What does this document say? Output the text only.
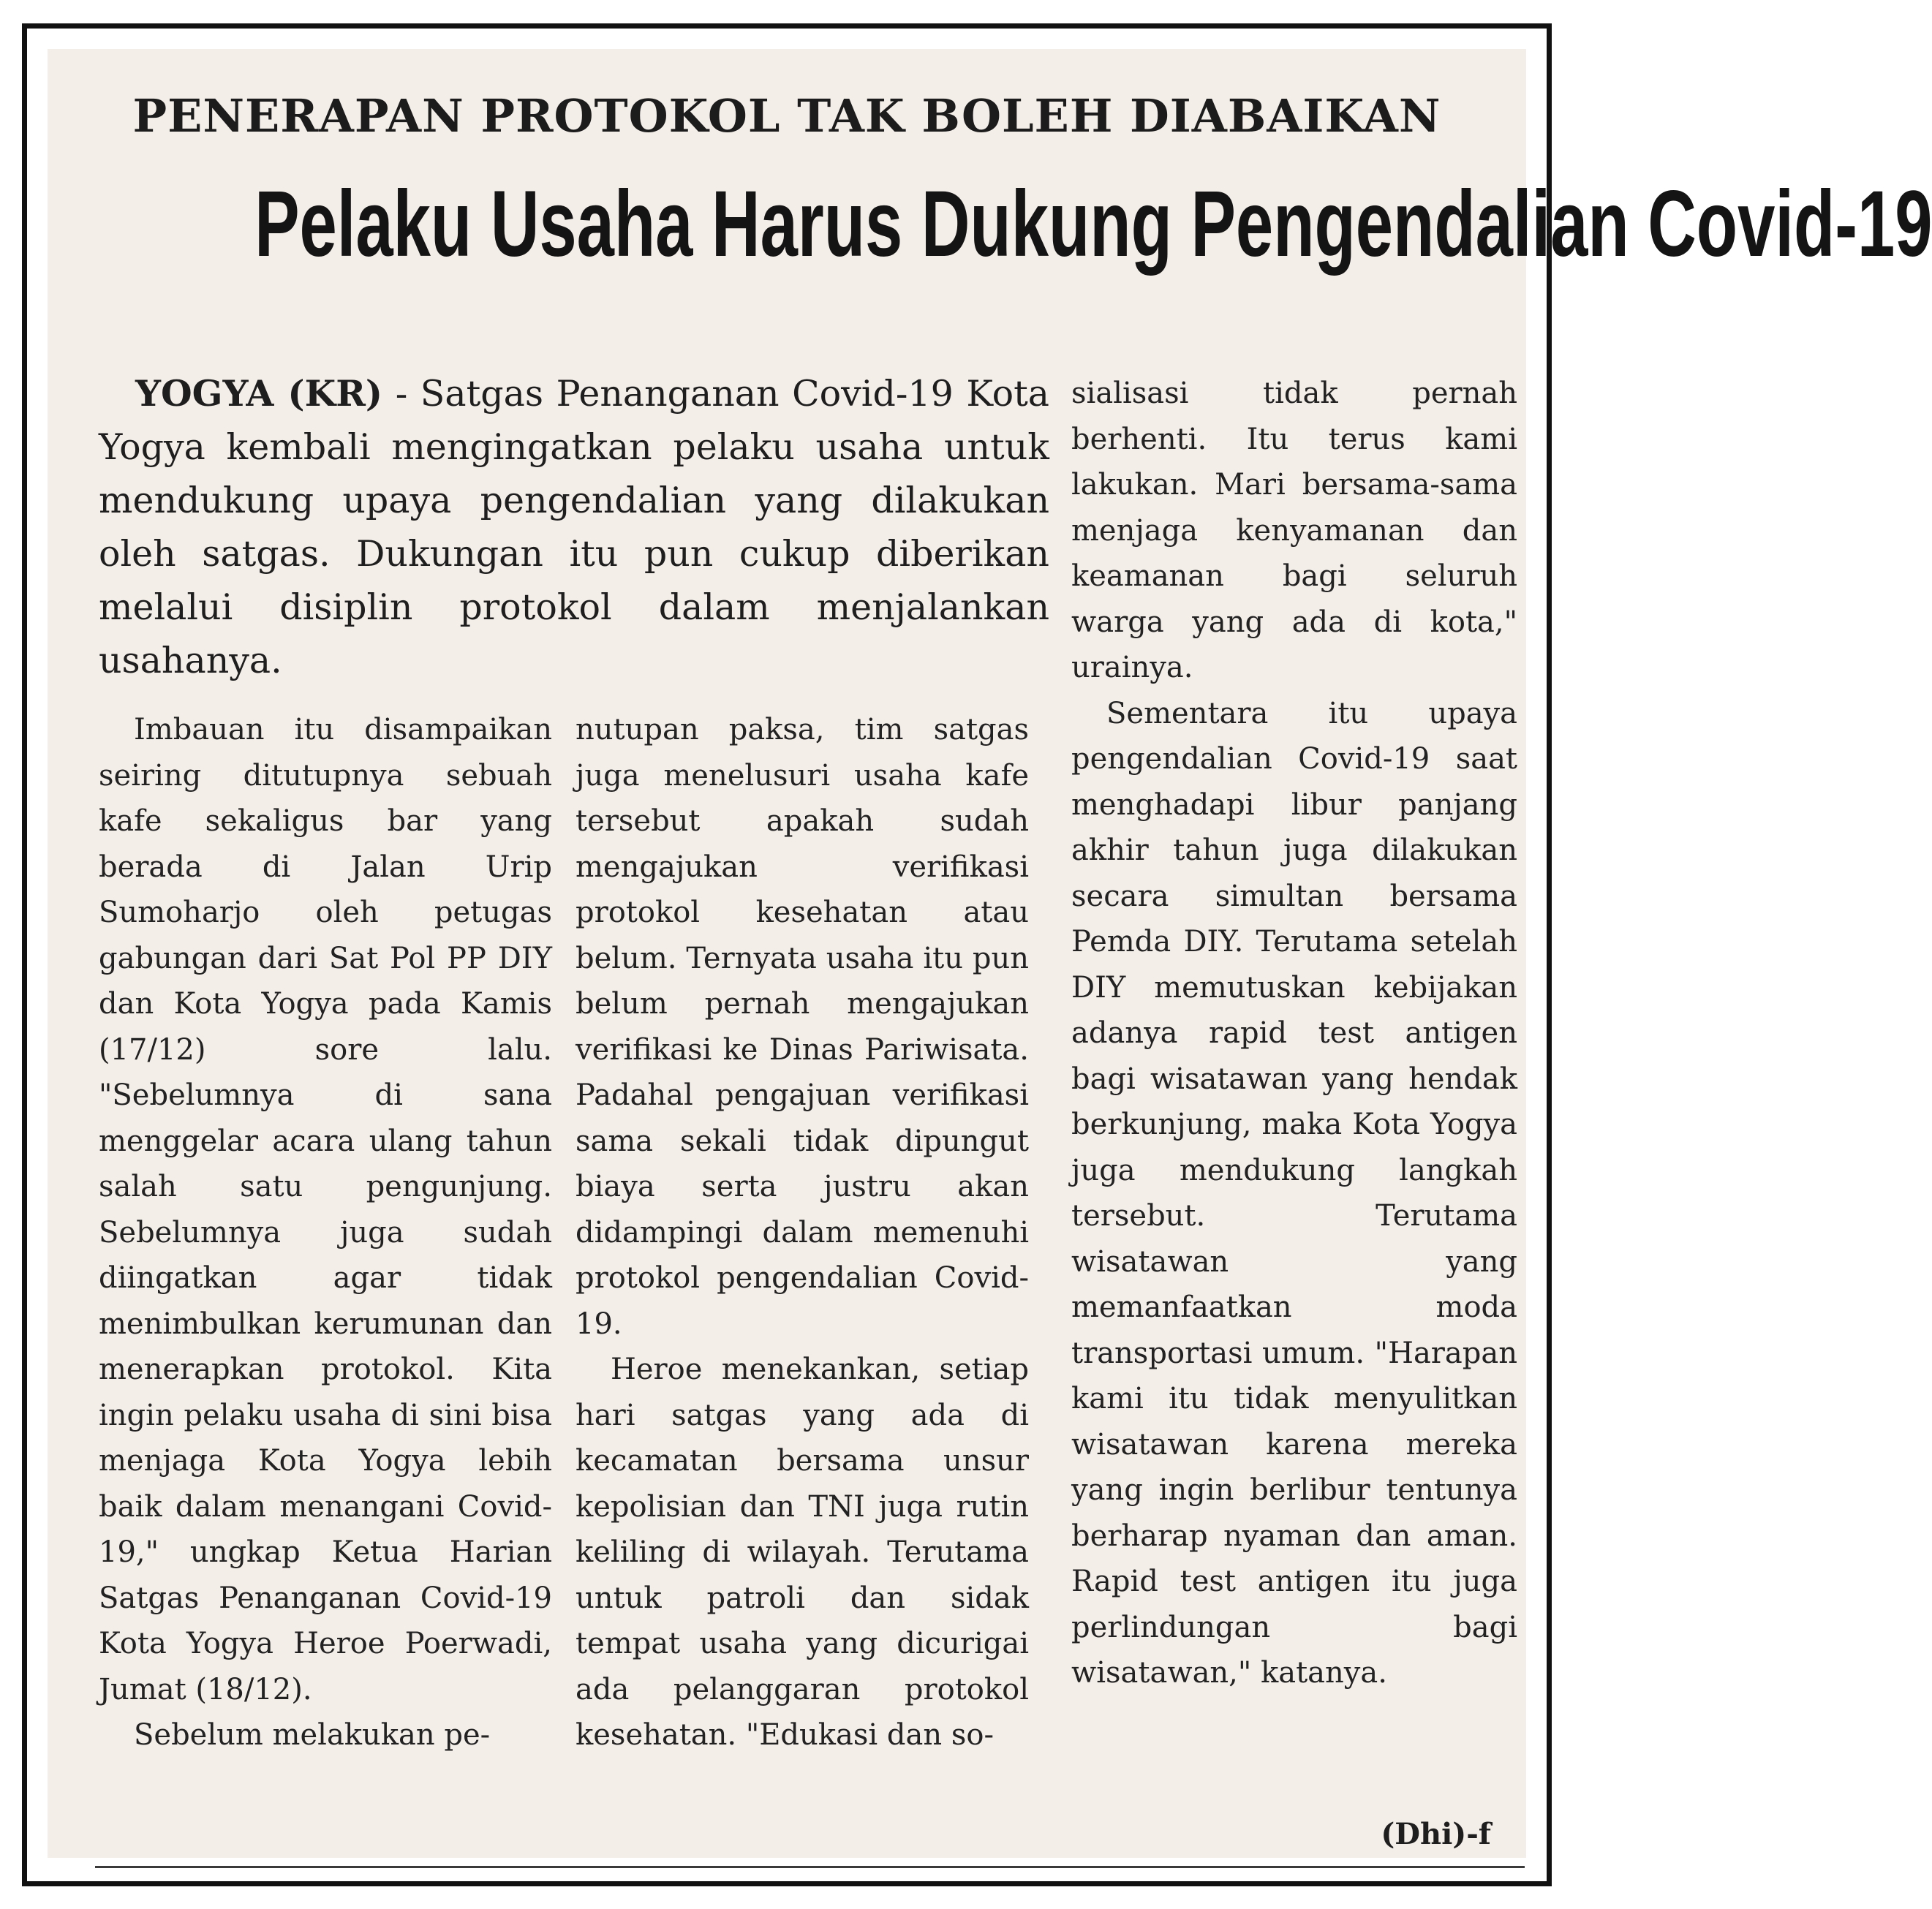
PENERAPAN PROTOKOL TAK BOLEH DIABAIKAN
Pelaku Usaha Harus Dukung Pengendalian Covid-19

YOGYA (KR) - Satgas Penanganan Covid-19 Kota Yogya kembali mengingatkan pelaku usaha untuk mendukung upaya pengendalian yang dilakukan oleh satgas. Dukungan itu pun cukup diberikan melalui disiplin protokol dalam menjalankan usahanya.

Imbauan itu disampaikan seiring ditutupnya sebuah kafe sekaligus bar yang berada di Jalan Urip Sumoharjo oleh petugas gabungan dari Sat Pol PP DIY dan Kota Yogya pada Kamis (17/12) sore lalu. "Sebelumnya di sana menggelar acara ulang tahun salah satu pengunjung. Sebelumnya juga sudah diingatkan agar tidak menimbulkan kerumunan dan menerapkan protokol. Kita ingin pelaku usaha di sini bisa menjaga Kota Yogya lebih baik dalam menangani Covid-19," ungkap Ketua Harian Satgas Penanganan Covid-19 Kota Yogya Heroe Poerwadi, Jumat (18/12).

Sebelum melakukan pe-

nutupan paksa, tim satgas juga menelusuri usaha kafe tersebut apakah sudah mengajukan verifikasi protokol kesehatan atau belum. Ternyata usaha itu pun belum pernah mengajukan verifikasi ke Dinas Pariwisata. Padahal pengajuan verifikasi sama sekali tidak dipungut biaya serta justru akan didampingi dalam memenuhi protokol pengendalian Covid-19.

Heroe menekankan, setiap hari satgas yang ada di kecamatan bersama unsur kepolisian dan TNI juga rutin keliling di wilayah. Terutama untuk patroli dan sidak tempat usaha yang dicurigai ada pelanggaran protokol kesehatan. "Edukasi dan so-

sialisasi tidak pernah berhenti. Itu terus kami lakukan. Mari bersama-sama menjaga kenyamanan dan keamanan bagi seluruh warga yang ada di kota," urainya.

Sementara itu upaya pengendalian Covid-19 saat menghadapi libur panjang akhir tahun juga dilakukan secara simultan bersama Pemda DIY. Terutama setelah DIY memutuskan kebijakan adanya rapid test antigen bagi wisatawan yang hendak berkunjung, maka Kota Yogya juga mendukung langkah tersebut. Terutama wisatawan yang memanfaatkan moda transportasi umum. "Harapan kami itu tidak menyulitkan wisatawan karena mereka yang ingin berlibur tentunya berharap nyaman dan aman. Rapid test antigen itu juga perlindungan bagi wisatawan," katanya.

(Dhi)-f
